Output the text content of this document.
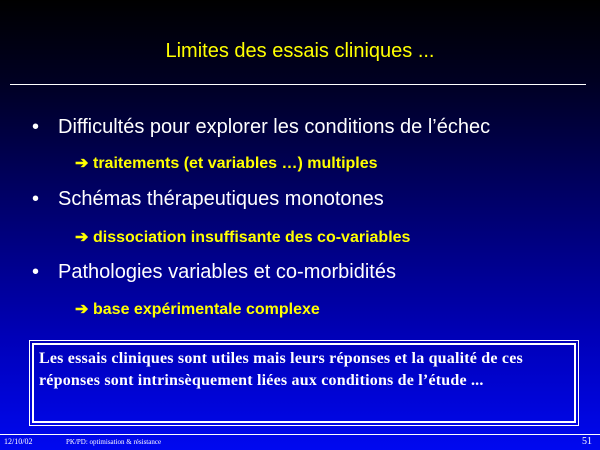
Limites des essais cliniques ...
• Difficultés pour explorer les conditions de l’échec
➔ traitements (et variables …) multiples
• Schémas thérapeutiques monotones
➔ dissociation insuffisante des co-variables
• Pathologies variables et co-morbidités
➔ base expérimentale complexe
Les essais cliniques sont utiles mais leurs réponses et la qualité de ces réponses sont intrinsèquement liées aux conditions de l’étude ...
12/10/02	PK/PD: optimisation & résistance	51
